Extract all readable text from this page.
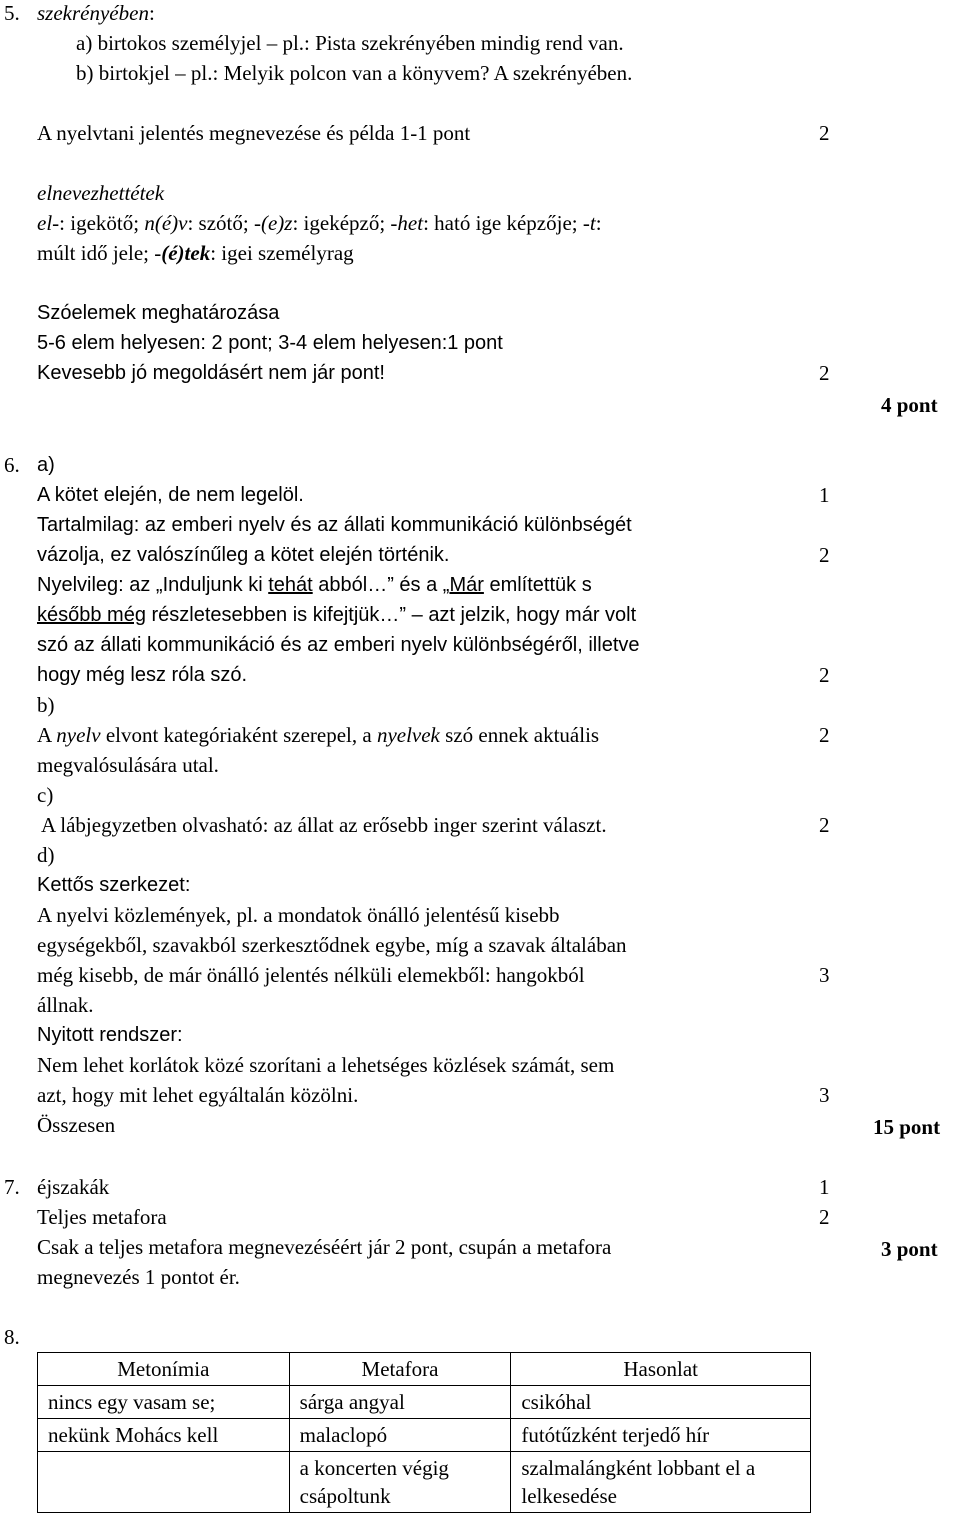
5. szekrényében:
a) birtokos személyjel – pl.: Pista szekrényében mindig rend van.
b) birtokjel – pl.: Melyik polcon van a könyvem? A szekrényében.
A nyelvtani jelentés megnevezése és példa 1-1 pont	2
elnevezhettétek
el-: igekötő; n(é)v: szótő; -(e)z: igeképző; -het: ható ige képzője; -t:
múlt idő jele; -(é)tek: igei személyrag
Szóelemek meghatározása
5-6 elem helyesen: 2 pont; 3-4 elem helyesen:1 pont
Kevesebb jó megoldásért nem jár pont!	2
4 pont
6. a)
A kötet elején, de nem legelöl.	1
Tartalmilag: az emberi nyelv és az állati kommunikáció különbségét
vázolja, ez valószínűleg a kötet elején történik.	2
Nyelvileg: az „Induljunk ki tehát abból…” és a „Már említettük s
később még részletesebben is kifejtjük…” – azt jelzik, hogy már volt
szó az állati kommunikáció és az emberi nyelv különbségéről, illetve
hogy még lesz róla szó.	2
b)
A nyelv elvont kategóriaként szerepel, a nyelvek szó ennek aktuális	2
megvalósulására utal.
c)
A lábjegyzetben olvasható: az állat az erősebb inger szerint választ.	2
d)
Kettős szerkezet:
A nyelvi közlemények, pl. a mondatok önálló jelentésű kisebb
egységekből, szavakból szerkesztődnek egybe, míg a szavak általában
még kisebb, de már önálló jelentés nélküli elemekből: hangokból	3
állnak.
Nyitott rendszer:
Nem lehet korlátok közé szorítani a lehetséges közlések számát, sem
azt, hogy mit lehet egyáltalán közölni.	3
Összesen	15 pont
7. éjszakák	1
Teljes metafora	2
Csak a teljes metafora megnevezéséért jár 2 pont, csupán a metafora	3 pont
megnevezés 1 pontot ér.
8.
Metonímia	Metafora	Hasonlat
nincs egy vasam se;	sárga angyal	csikóhal
nekünk Mohács kell	malaclopó	futótűzként terjedő hír
	a koncerten végig csápoltunk	szalmalángként lobbant el a lelkesedése
